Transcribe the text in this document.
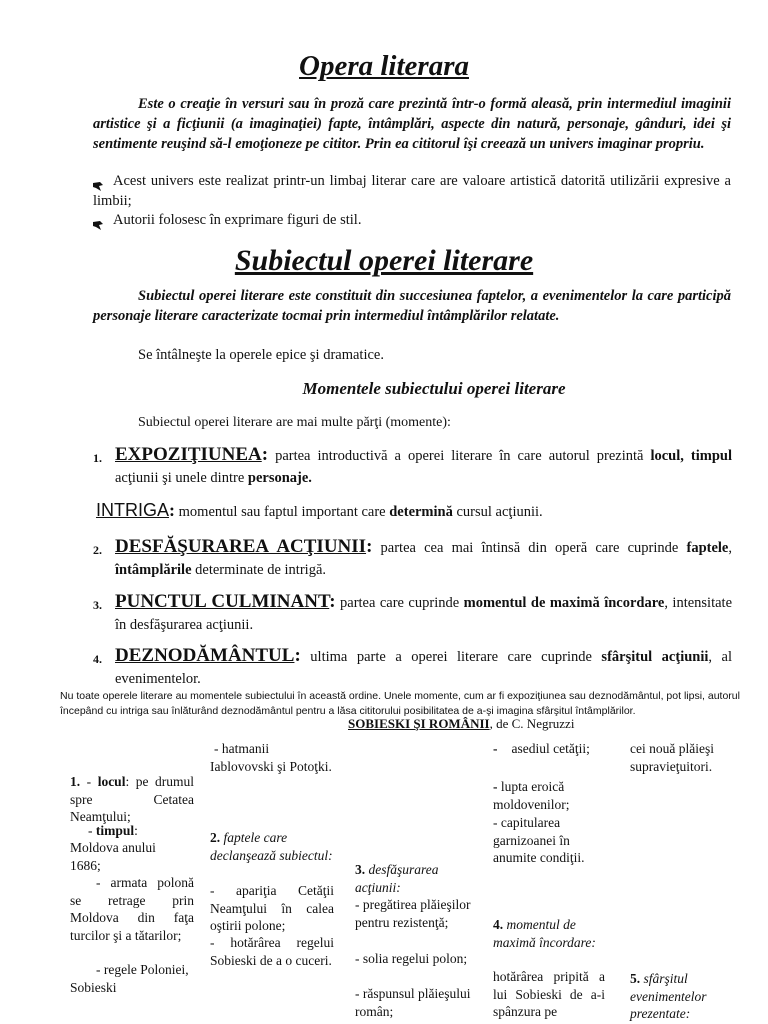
Opera literara
Este o creaţie în versuri sau în proză care prezintă într-o formă aleasă, prin intermediul imaginii artistice şi a ficţiunii (a imaginaţiei) fapte, întâmplări, aspecte din natură, personaje, gânduri, idei şi sentimente reuşind să-l emoţioneze pe cititor. Prin ea cititorul îşi creează un univers imaginar propriu.
Acest univers este realizat printr-un limbaj literar care are valoare artistică datorită utilizării expresive a limbii;
Autorii folosesc în exprimare figuri de stil.
Subiectul operei literare
Subiectul operei literare este constituit din succesiunea faptelor, a evenimentelor la care participă personaje literare caracterizate tocmai prin intermediul întâmplărilor relatate.
Se întâlneşte la operele epice şi dramatice.
Momentele subiectului operei literare
Subiectul operei literare are mai multe părţi (momente):
1. EXPOZIŢIUNEA: partea introductivă a operei literare în care autorul prezintă locul, timpul acţiunii şi unele dintre personaje.
INTRIGA: momentul sau faptul important care determină cursul acţiunii.
2. DESFĂŞURAREA ACŢIUNII: partea cea mai întinsă din operă care cuprinde faptele, întâmplările determinate de intrigă.
3. PUNCTUL CULMINANT: partea care cuprinde momentul de maximă încordare, intensitate în desfăşurarea acţiunii.
4. DEZNODĂMÂNTUL: ultima parte a operei literare care cuprinde sfârşitul acţiunii, al evenimentelor.
Nu toate operele literare au momentele subiectului în această ordine. Unele momente, cum ar fi expoziţiunea sau deznodământul, pot lipsi, autorul începând cu intriga sau înlăturând deznodământul pentru a lăsa cititorului posibilitatea de a-şi imagina sfârşitul întâmplărilor.
SOBIESKI ŞI ROMÂNII, de C. Negruzzi
1. - locul: pe drumul spre Cetatea Neamţului;
- timpul:
Moldova anului 1686;
- armata polonă se retrage prin Moldova din faţa turcilor şi a tătarilor;
- regele Poloniei, Sobieski
- hatmanii Iablovovski şi Potoţki.
2. faptele care declanşează subiectul:
- apariţia Cetăţii Neamţului în calea oştirii polone;
- hotărârea regelui Sobieski de a o cuceri.
3. desfăşurarea acţiunii:
- pregătirea plăieşilor pentru rezistenţă;
- solia regelui polon;
- răspunsul plăieşului român;
- asediul cetăţii;
- lupta eroică moldovenilor;
- capitularea garnizoanei în anumite condiţii.
4. momentul de maximă încordare:
hotărârea pripită a lui Sobieski de a-i spânzura pe
cei nouă plăieşi supravieţuitori.
5. sfârşitul evenimentelor prezentate:
